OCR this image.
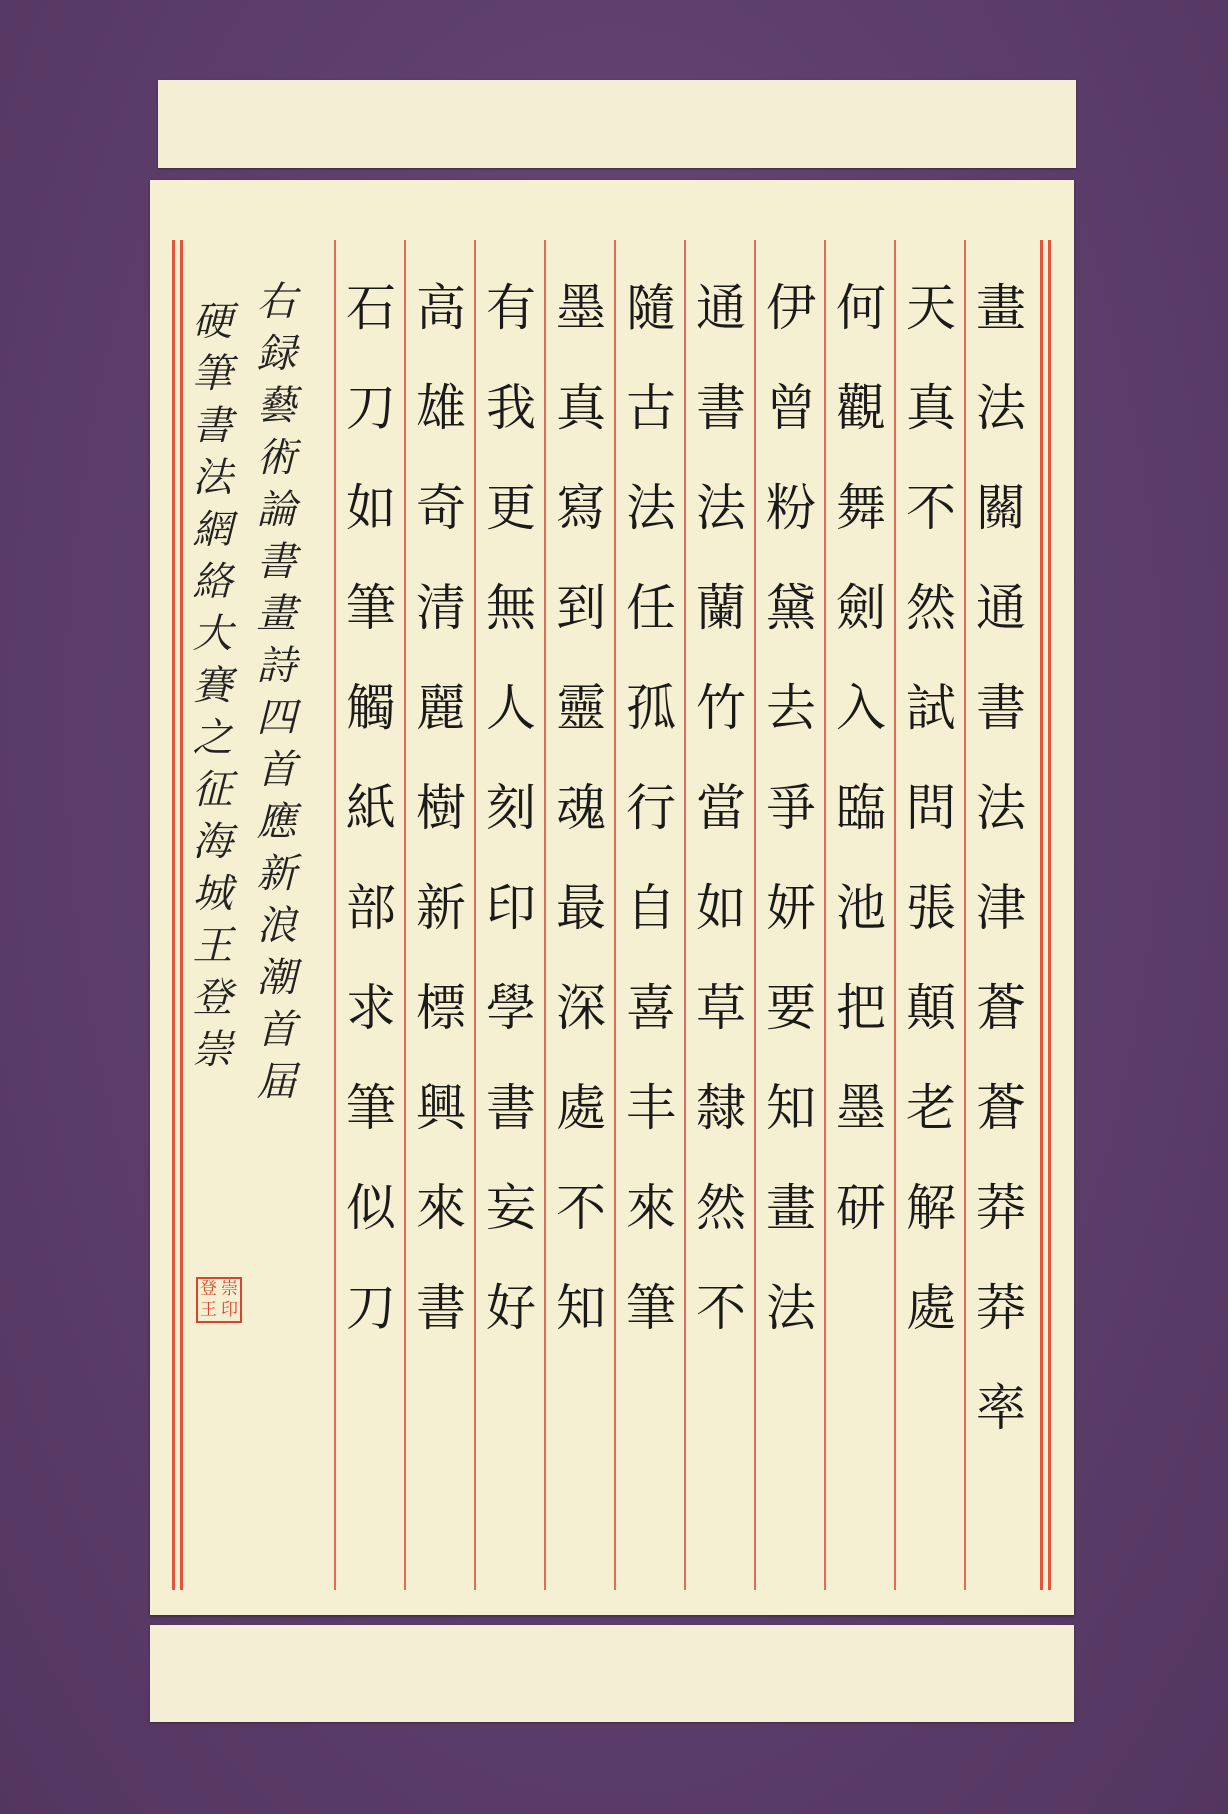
畫
法
關
通
書
法
津
蒼
蒼
莽
莽
率
天
真
不
然
試
問
張
顛
老
解
處
何
觀
舞
劍
入
臨
池
把
墨
研
伊
曾
粉
黛
去
爭
妍
要
知
畫
法
通
書
法
蘭
竹
當
如
草
隸
然
不
隨
古
法
任
孤
行
自
喜
丰
來
筆
墨
真
寫
到
靈
魂
最
深
處
不
知
有
我
更
無
人
刻
印
學
書
妄
好
高
雄
奇
清
麗
樹
新
標
興
來
書
石
刀
如
筆
觸
紙
部
求
筆
似
刀
右録藝術論書畫詩四首應新浪潮首届
硬筆書法網絡大賽之征海城王登崇
登 崇
王 印
